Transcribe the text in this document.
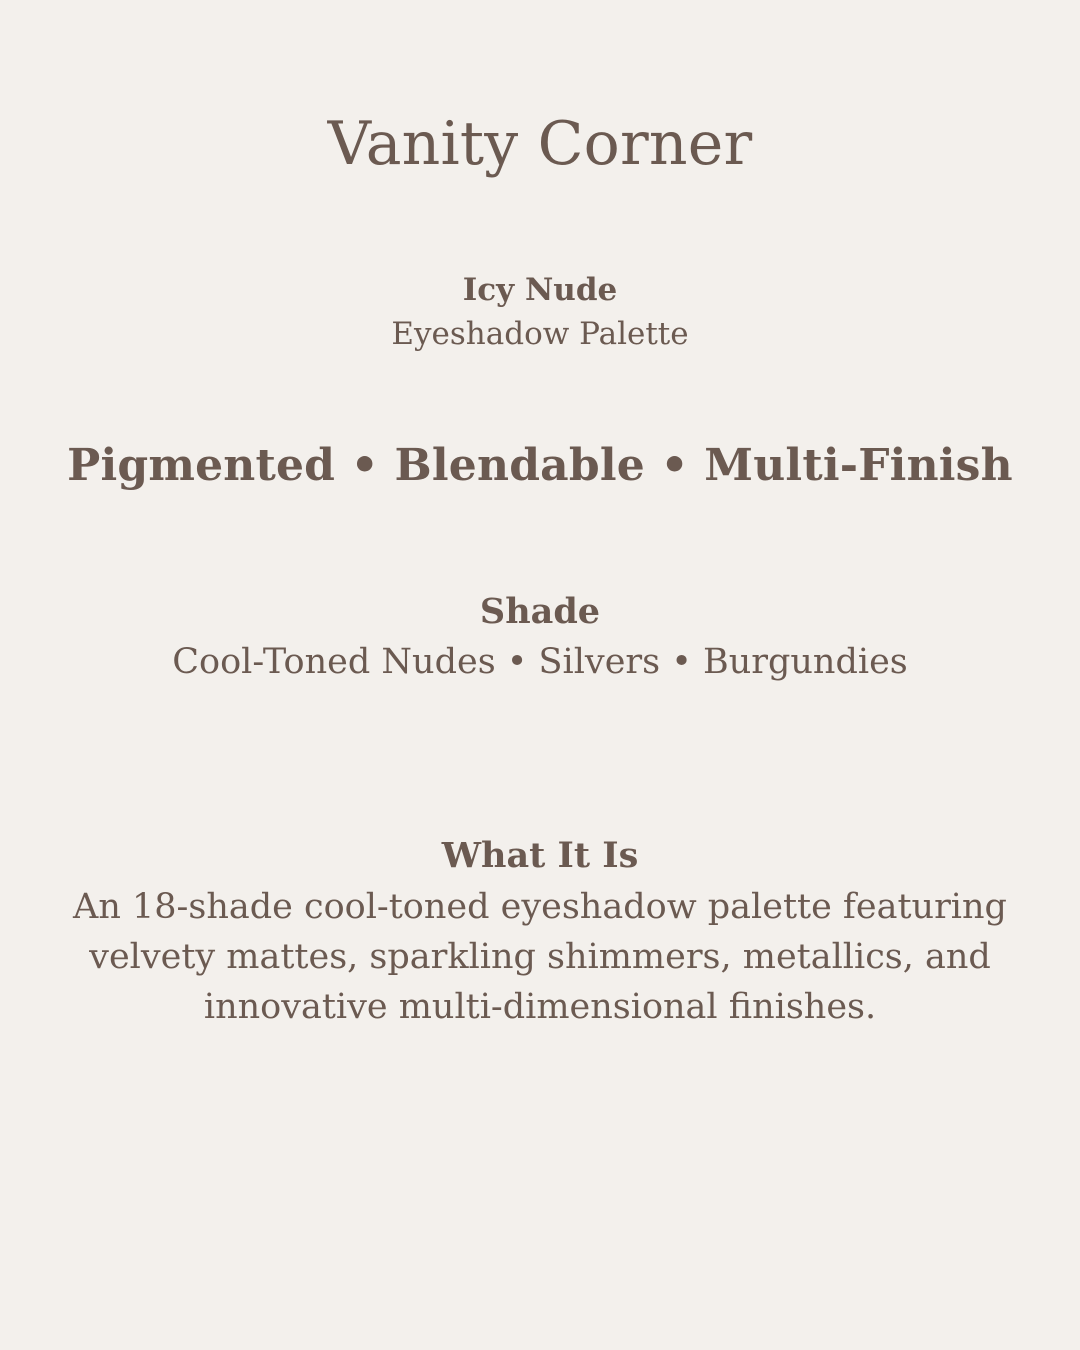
Vanity Corner
Icy Nude
Eyeshadow Palette
Pigmented • Blendable • Multi-Finish
Shade
Cool-Toned Nudes • Silvers • Burgundies
What It Is
An 18-shade cool-toned eyeshadow palette featuring velvety mattes, sparkling shimmers, metallics, and innovative multi-dimensional finishes.
